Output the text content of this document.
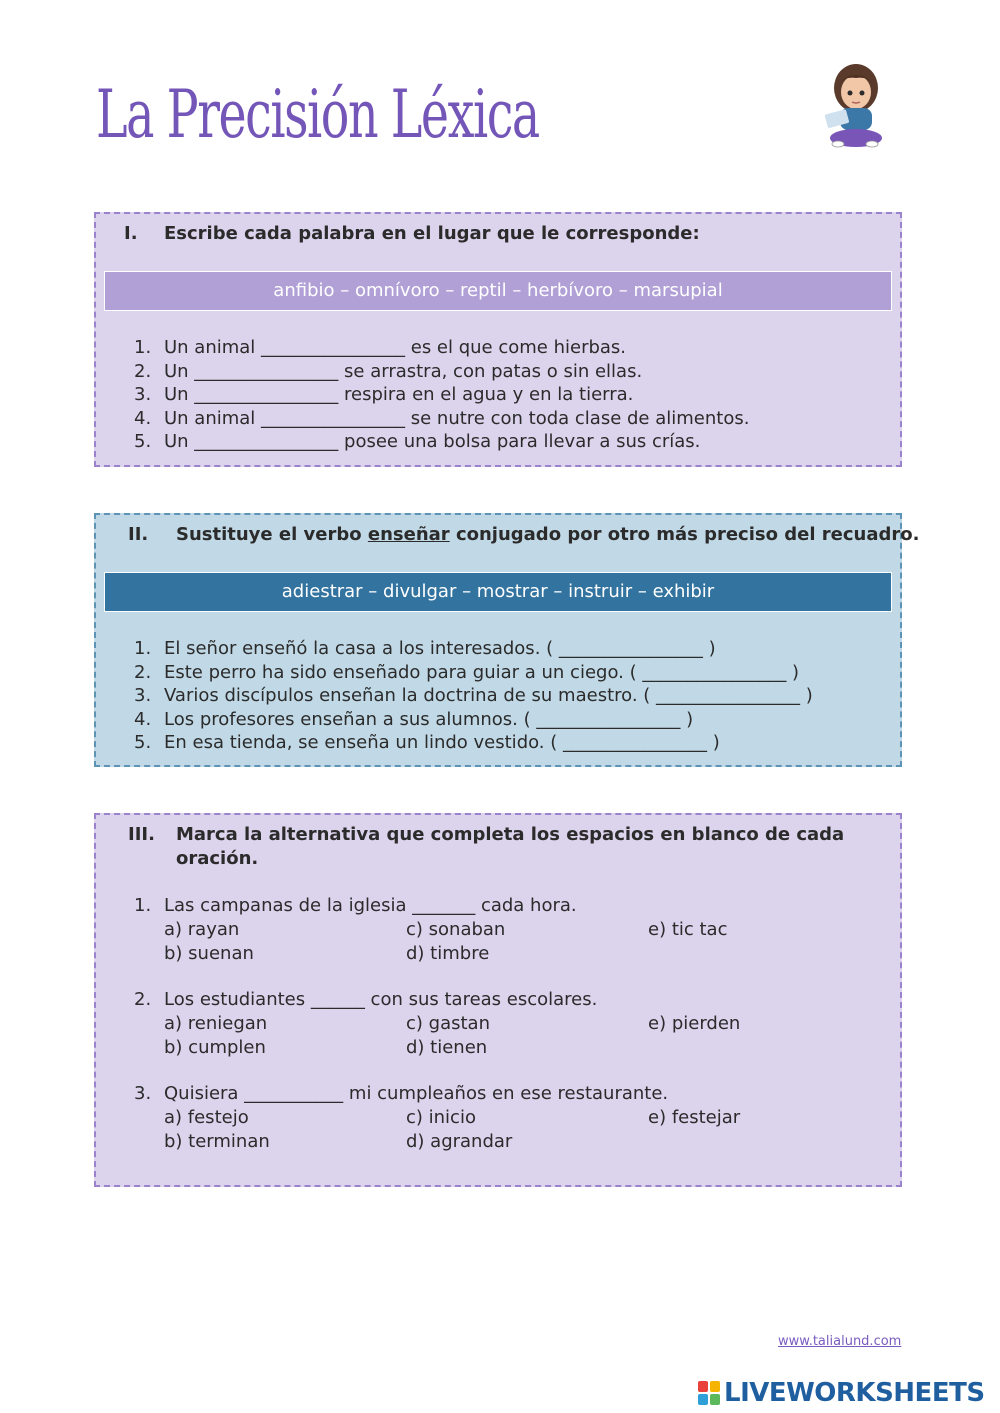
La Precisión Léxica
I. Escribe cada palabra en el lugar que le corresponde:
anfibio – omnívoro – reptil – herbívoro – marsupial
1. Un animal ________________ es el que come hierbas.
2. Un ________________ se arrastra, con patas o sin ellas.
3. Un ________________ respira en el agua y en la tierra.
4. Un animal ________________ se nutre con toda clase de alimentos.
5. Un ________________ posee una bolsa para llevar a sus crías.
II. Sustituye el verbo enseñar conjugado por otro más preciso del recuadro.
adiestrar – divulgar – mostrar – instruir – exhibir
1. El señor enseñó la casa a los interesados. ( ________________ )
2. Este perro ha sido enseñado para guiar a un ciego. ( ________________ )
3. Varios discípulos enseñan la doctrina de su maestro. ( ________________ )
4. Los profesores enseñan a sus alumnos. ( ________________ )
5. En esa tienda, se enseña un lindo vestido. ( ________________ )
III. Marca la alternativa que completa los espacios en blanco de cada
oración.
1. Las campanas de la iglesia _______ cada hora.
a) rayan
b) suenan
c) sonaban
d) timbre
e) tic tac
2. Los estudiantes ______ con sus tareas escolares.
a) reniegan
b) cumplen
c) gastan
d) tienen
e) pierden
3. Quisiera ___________ mi cumpleaños en ese restaurante.
a) festejo
b) terminan
c) inicio
d) agrandar
e) festejar
www.talialund.com
LIVEWORKSHEETS
